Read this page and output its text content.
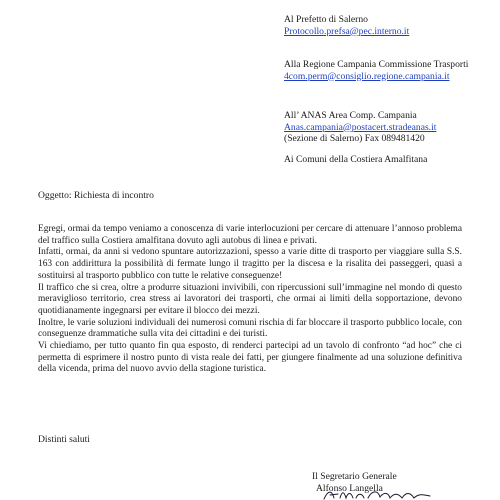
Al Prefetto di Salerno
Protocollo.prefsa@pec.interno.it
Alla Regione Campania Commissione Trasporti
4com.perm@consiglio.regione.campania.it
All’ ANAS Area Comp. Campania
Anas.campania@postacert.stradeanas.it
(Sezione di Salerno) Fax 089481420
Ai Comuni della Costiera Amalfitana
Oggetto: Richiesta di incontro

Egregi, ormai da tempo veniamo a conoscenza di varie interlocuzioni per cercare di attenuare l’annoso problema del traffico sulla Costiera amalfitana dovuto agli autobus di linea e privati.

Infatti, ormai, da anni si vedono spuntare autorizzazioni, spesso a varie ditte di trasporto per viaggiare sulla S.S. 163 con addirittura la possibilità di fermate lungo il tragitto per la discesa e la risalita dei passeggeri, quasi a sostituirsi al trasporto pubblico con tutte le relative conseguenze!

Il traffico che si crea, oltre a produrre situazioni invivibili, con ripercussioni sull’immagine nel mondo di questo meraviglioso territorio, crea stress ai lavoratori dei trasporti, che ormai ai limiti della sopportazione, devono quotidianamente ingegnarsi per evitare il blocco dei mezzi.

Inoltre, le varie soluzioni individuali dei numerosi comuni rischia di far bloccare il trasporto pubblico locale, con conseguenze drammatiche sulla vita dei cittadini e dei turisti.

Vi chiediamo, per tutto quanto fin qua esposto, di renderci partecipi ad un tavolo di confronto “ad hoc” che ci permetta di esprimere il nostro punto di vista reale dei fatti, per giungere finalmente ad una soluzione definitiva della vicenda, prima del nuovo avvio della stagione turistica.

Distinti saluti
Il Segretario Generale
Alfonso Langella
